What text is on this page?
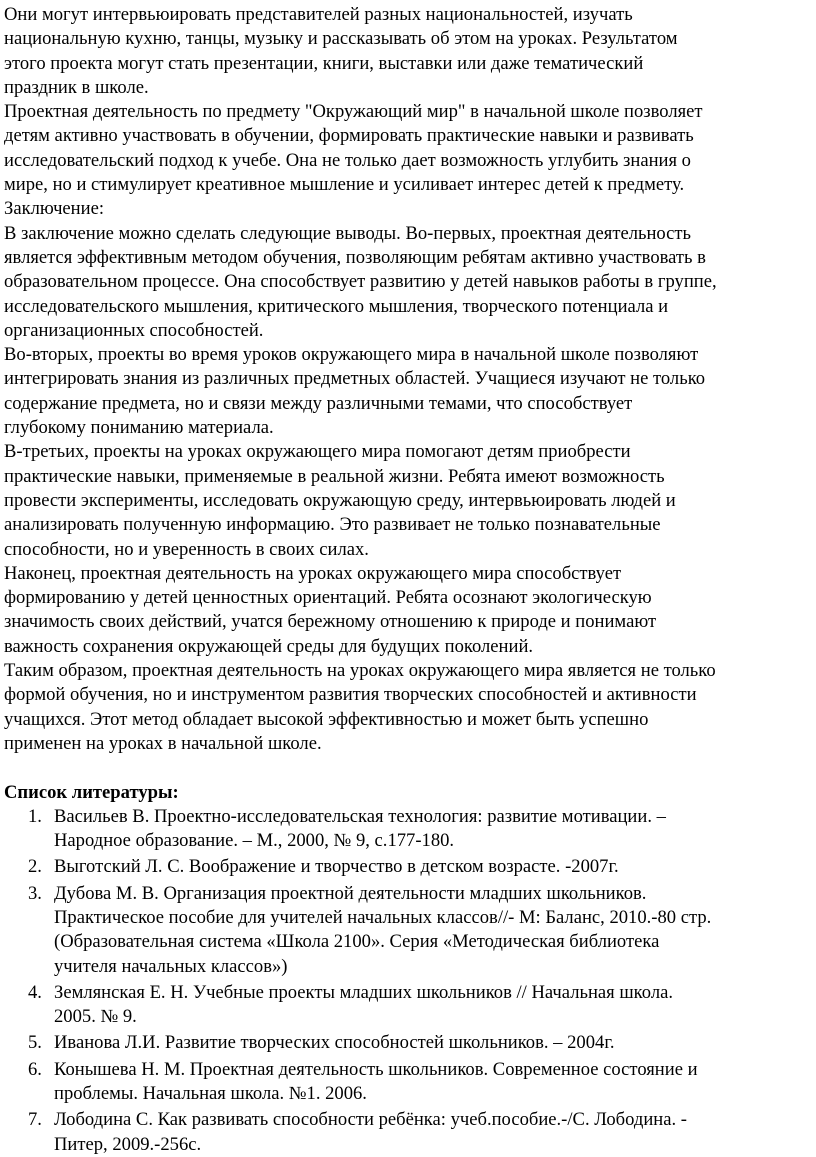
Они могут интервьюировать представителей разных национальностей, изучать
национальную кухню, танцы, музыку и рассказывать об этом на уроках. Результатом
этого проекта могут стать презентации, книги, выставки или даже тематический
праздник в школе.

Проектная деятельность по предмету "Окружающий мир" в начальной школе позволяет
детям активно участвовать в обучении, формировать практические навыки и развивать
исследовательский подход к учебе. Она не только дает возможность углубить знания о
мире, но и стимулирует креативное мышление и усиливает интерес детей к предмету.

Заключение:

В заключение можно сделать следующие выводы. Во-первых, проектная деятельность
является эффективным методом обучения, позволяющим ребятам активно участвовать в
образовательном процессе. Она способствует развитию у детей навыков работы в группе,
исследовательского мышления, критического мышления, творческого потенциала и
организационных способностей.

Во-вторых, проекты во время уроков окружающего мира в начальной школе позволяют
интегрировать знания из различных предметных областей. Учащиеся изучают не только
содержание предмета, но и связи между различными темами, что способствует
глубокому пониманию материала.

В-третьих, проекты на уроках окружающего мира помогают детям приобрести
практические навыки, применяемые в реальной жизни. Ребята имеют возможность
провести эксперименты, исследовать окружающую среду, интервьюировать людей и
анализировать полученную информацию. Это развивает не только познавательные
способности, но и уверенность в своих силах.

Наконец, проектная деятельность на уроках окружающего мира способствует
формированию у детей ценностных ориентаций. Ребята осознают экологическую
значимость своих действий, учатся бережному отношению к природе и понимают
важность сохранения окружающей среды для будущих поколений.

Таким образом, проектная деятельность на уроках окружающего мира является не только
формой обучения, но и инструментом развития творческих способностей и активности
учащихся. Этот метод обладает высокой эффективностью и может быть успешно
применен на уроках в начальной школе.

Список литературы:

1. Васильев В. Проектно-исследовательская технология: развитие мотивации. –
Народное образование. – М., 2000, № 9, с.177-180.
2. Выготский Л. С. Воображение и творчество в детском возрасте. -2007г.
3. Дубова М. В. Организация проектной деятельности младших школьников.
Практическое пособие для учителей начальных классов//- М: Баланс, 2010.-80 стр.
(Образовательная система «Школа 2100». Серия «Методическая библиотека
учителя начальных классов»)
4. Землянская Е. Н. Учебные проекты младших школьников // Начальная школа.
2005. № 9.
5. Иванова Л.И. Развитие творческих способностей школьников. – 2004г.
6. Конышева Н. М. Проектная деятельность школьников. Современное состояние и
проблемы. Начальная школа. №1. 2006.
7. Лободина С. Как развивать способности ребёнка: учеб.пособие.-/С. Лободина. -
Питер, 2009.-256с.
